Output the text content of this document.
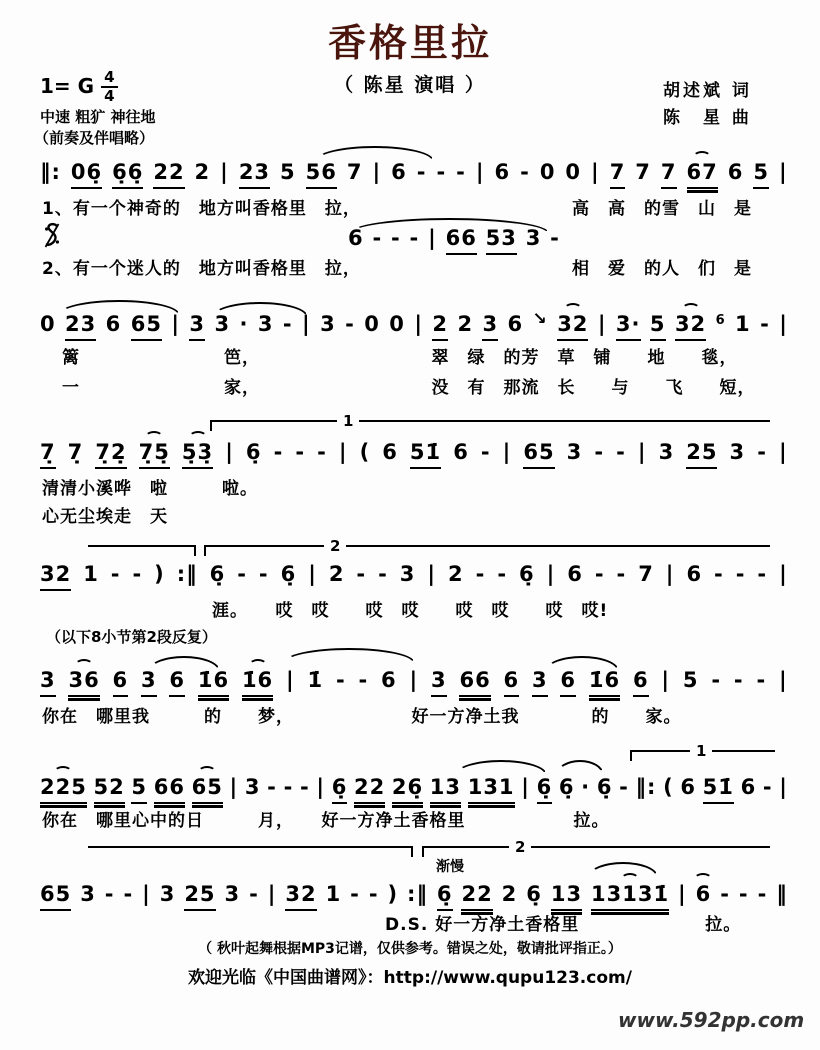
香格里拉
（ 陈星 演唱 ）	胡述斌 词
陈　星 曲
1= G $\frac{4}{4}$
中速 粗犷 神往地
（前奏及伴唱略）
‖: 06̣ 6̣6̣ 22 2 | 23 5 56 7 | 6 - - - | 6 - 0 0 | 7 7 7 67 6 5 |
6 - - - | 66 53 3 -
0 23 6 65 | 3 3 · 3 - | 3 - 0 0 | 2 2 3 6 ↘ 32 | 3· 5 32 6 1 - |
7̣ 7̣ 7̣2̣ 7̣5̣ 5̣3̣ | 6̣ - - - | ( 6 51̇ 6 - | 65 3 - - | 3 25 3 - |
32 1 - - ) :‖ 6̣ - - 6̣ | 2 - - 3 | 2 - - 6̣ | 6 - - 7 | 6 - - - |
3 36 6 3 6 1̇6 1̇6 | 1̇ - - 6 | 3 66 6 3 6 1̇6 6 | 5 - - - |
225 52 5 66 65 | 3 - - - | 6̣ 22 26̣ 13 131 | 6̣ 6̣ · 6̣ - ‖: ( 6 51̇ 6 - |
65 3 - - | 3 25 3 - | 32 1 - - ) :‖ 6̣ 22 2 6̣ 13 13131̇ | 6 - - - ‖
1、有一个神奇的　地方叫香格里　拉，	高　高　的雪　山　是
2、有一个迷人的　地方叫香格里　拉，	相　爱　的人　们　是
篱　　　　　　　　笆，　　　　　　　　　　翠　绿　的芳　草　铺　　地　　毯，
一　　　　　　　　家，　　　　　　　　　　没　有　那流　长　　与　　飞　　短，
清清小溪哗　啦　　　啦。
心无尘埃走　天
涯。　　哎　哎　　哎　哎　　哎　哎　　哎　哎!
你在　哪里我　　　的　　梦，　　　　　　　好一方净土我　　　　的　　家。
你在　哪里心中的日　　　月，　　好一方净土香格里　　　　　　拉。
D.S. 好一方净土香格里　　　　　　　拉。
（以下8小节第2段反复）
渐慢
1
2
1
2
（ 秋叶起舞根据MP3记谱，仅供参考。错误之处，敬请批评指正。）
欢迎光临《中国曲谱网》：http://www.qupu123.com/
www.592pp.com
